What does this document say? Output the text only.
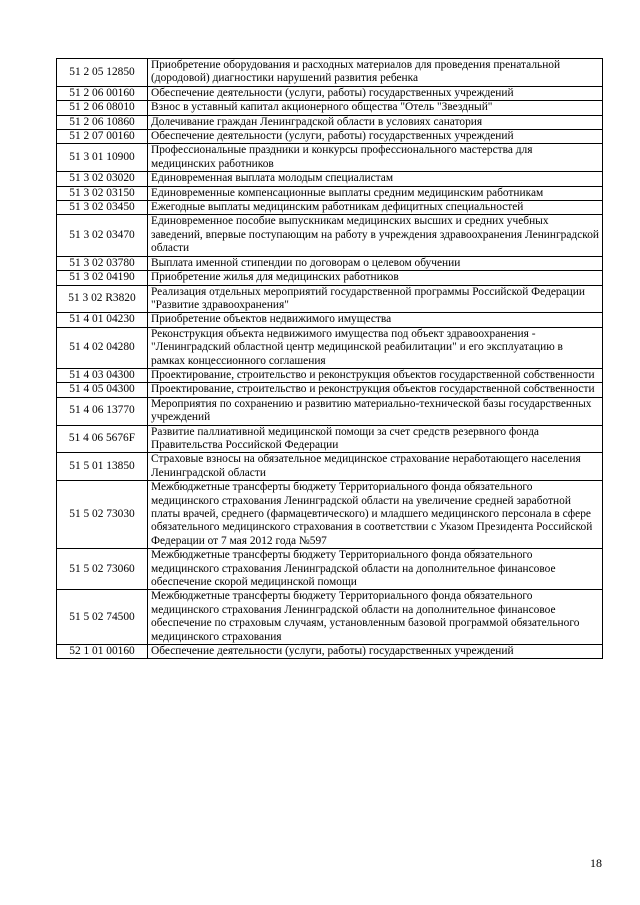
51 2 05 12850	Приобретение оборудования и расходных материалов для проведения пренатальной (дородовой) диагностики нарушений развития ребенка
51 2 06 00160	Обеспечение деятельности (услуги, работы) государственных учреждений
51 2 06 08010	Взнос в уставный капитал акционерного общества "Отель "Звездный"
51 2 06 10860	Долечивание граждан Ленинградской области в условиях санатория
51 2 07 00160	Обеспечение деятельности (услуги, работы) государственных учреждений
51 3 01 10900	Профессиональные праздники и конкурсы профессионального мастерства для медицинских работников
51 3 02 03020	Единовременная выплата молодым специалистам
51 3 02 03150	Единовременные компенсационные выплаты средним медицинским работникам
51 3 02 03450	Ежегодные выплаты медицинским работникам дефицитных специальностей
51 3 02 03470	Единовременное пособие выпускникам медицинских высших и средних учебных заведений, впервые поступающим на работу в учреждения здравоохранения Ленинградской области
51 3 02 03780	Выплата именной стипендии по договорам о целевом обучении
51 3 02 04190	Приобретение жилья для медицинских работников
51 3 02 R3820	Реализация отдельных мероприятий государственной программы Российской Федерации "Развитие здравоохранения"
51 4 01 04230	Приобретение объектов недвижимого имущества
51 4 02 04280	Реконструкция объекта недвижимого имущества под объект здравоохранения - "Ленинградский областной центр медицинской реабилитации" и его эксплуатацию в рамках концессионного соглашения
51 4 03 04300	Проектирование, строительство и реконструкция объектов государственной собственности
51 4 05 04300	Проектирование, строительство и реконструкция объектов государственной собственности
51 4 06 13770	Мероприятия по сохранению и развитию материально-технической базы государственных учреждений
51 4 06 5676F	Развитие паллиативной медицинской помощи за счет средств резервного фонда Правительства Российской Федерации
51 5 01 13850	Страховые взносы на обязательное медицинское страхование неработающего населения Ленинградской области
51 5 02 73030	Межбюджетные трансферты бюджету Территориального фонда обязательного медицинского страхования Ленинградской области на увеличение средней заработной платы врачей, среднего (фармацевтического) и младшего медицинского персонала в сфере обязательного медицинского страхования в соответствии с Указом Президента Российской Федерации от 7 мая 2012 года №597
51 5 02 73060	Межбюджетные трансферты бюджету Территориального фонда обязательного медицинского страхования Ленинградской области на дополнительное финансовое обеспечение скорой медицинской помощи
51 5 02 74500	Межбюджетные трансферты бюджету Территориального фонда обязательного медицинского страхования Ленинградской области на дополнительное финансовое обеспечение по страховым случаям, установленным базовой программой обязательного медицинского страхования
52 1 01 00160	Обеспечение деятельности (услуги, работы) государственных учреждений
18
